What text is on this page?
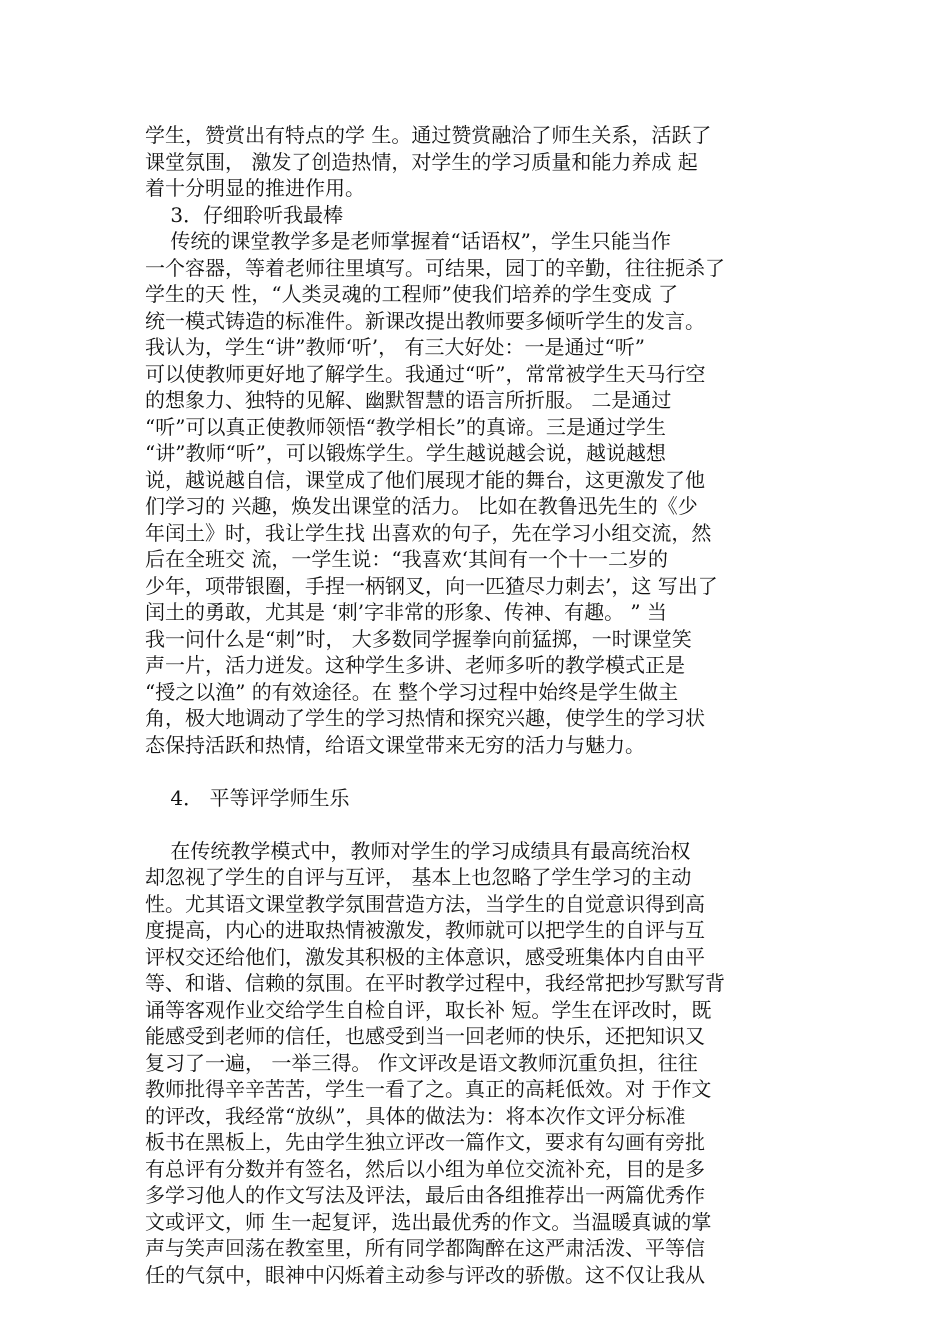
学生，赞赏出有特点的学 生。通过赞赏融洽了师生关系，活跃了
课堂氛围， 激发了创造热情，对学生的学习质量和能力养成 起
着十分明显的推进作用。
3．仔细聆听我最棒
传统的课堂教学多是老师掌握着“话语权”，学生只能当作
一个容器，等着老师往里填写。可结果，园丁的辛勤，往往扼杀了
学生的天 性，“人类灵魂的工程师”使我们培养的学生变成 了
统一模式铸造的标准件。新课改提出教师要多倾听学生的发言。
我认为，学生“讲”教师‘听’， 有三大好处：一是通过“听”
可以使教师更好地了解学生。我通过“听”，常常被学生天马行空
的想象力、独特的见解、幽默智慧的语言所折服。 二是通过
“听”可以真正使教师领悟“教学相长”的真谛。三是通过学生
“讲”教师“听”，可以锻炼学生。学生越说越会说，越说越想
说，越说越自信，课堂成了他们展现才能的舞台，这更激发了他
们学习的 兴趣，焕发出课堂的活力。 比如在教鲁迅先生的《少
年闰土》时，我让学生找 出喜欢的句子，先在学习小组交流，然
后在全班交 流，一学生说：“我喜欢‘其间有一个十一二岁的
少年，项带银圈，手捏一柄钢叉，向一匹猹尽力刺去’，这 写出了
闰土的勇敢，尤其是 ‘刺’字非常的形象、传神、有趣。 ” 当
我一问什么是“刺”时， 大多数同学握拳向前猛掷，一时课堂笑
声一片，活力迸发。这种学生多讲、老师多听的教学模式正是
“授之以渔” 的有效途径。在 整个学习过程中始终是学生做主
角，极大地调动了学生的学习热情和探究兴趣，使学生的学习状
态保持活跃和热情，给语文课堂带来无穷的活力与魅力。
4． 平等评学师生乐
在传统教学模式中，教师对学生的学习成绩具有最高统治权
却忽视了学生的自评与互评， 基本上也忽略了学生学习的主动
性。尤其语文课堂教学氛围营造方法，当学生的自觉意识得到高
度提高，内心的进取热情被激发，教师就可以把学生的自评与互
评权交还给他们，激发其积极的主体意识，感受班集体内自由平
等、和谐、信赖的氛围。在平时教学过程中，我经常把抄写默写背
诵等客观作业交给学生自检自评，取长补 短。学生在评改时，既
能感受到老师的信任，也感受到当一回老师的快乐，还把知识又
复习了一遍， 一举三得。 作文评改是语文教师沉重负担，往往
教师批得辛辛苦苦，学生一看了之。真正的高耗低效。对 于作文
的评改，我经常“放纵”，具体的做法为：将本次作文评分标准
板书在黑板上，先由学生独立评改一篇作文，要求有勾画有旁批
有总评有分数并有签名，然后以小组为单位交流补充，目的是多
多学习他人的作文写法及评法，最后由各组推荐出一两篇优秀作
文或评文，师 生一起复评，选出最优秀的作文。当温暖真诚的掌
声与笑声回荡在教室里，所有同学都陶醉在这严肃活泼、平等信
任的气氛中，眼神中闪烁着主动参与评改的骄傲。这不仅让我从
